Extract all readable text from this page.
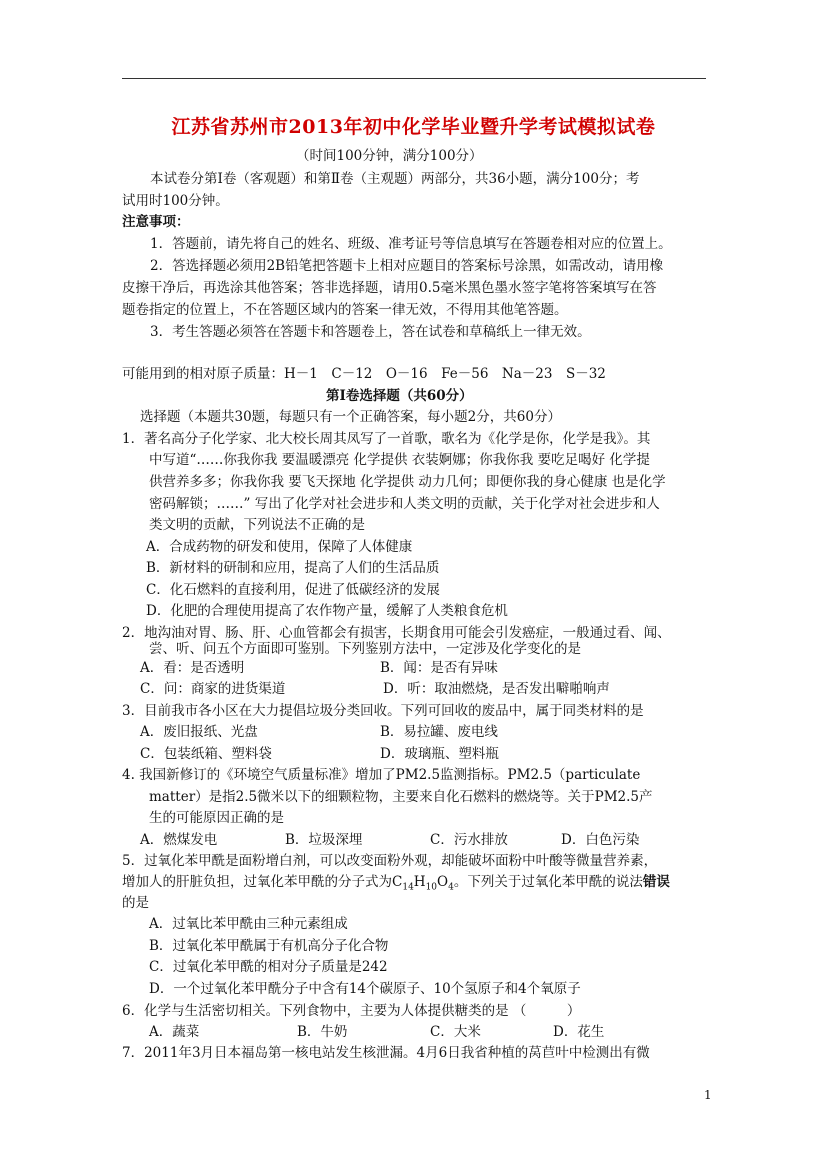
江苏省苏州市2013年初中化学毕业暨升学考试模拟试卷
（时间100分钟，满分100分）
本试卷分第Ⅰ卷（客观题）和第Ⅱ卷（主观题）两部分，共36小题，满分100分；考
试用时100分钟。
注意事项：
1．答题前，请先将自己的姓名、班级、准考证号等信息填写在答题卷相对应的位置上。
2．答选择题必须用2B铅笔把答题卡上相对应题目的答案标号涂黑，如需改动，请用橡
皮擦干净后，再选涂其他答案；答非选择题，请用0.5毫米黑色墨水签字笔将答案填写在答
题卷指定的位置上，不在答题区域内的答案一律无效，不得用其他笔答题。
3．考生答题必须答在答题卡和答题卷上，答在试卷和草稿纸上一律无效。
可能用到的相对原子质量：H－1　C－12　O－16　Fe－56　Na－23　S－32
第Ⅰ卷选择题（共60分）
选择题（本题共30题，每题只有一个正确答案，每小题2分，共60分）
1．著名高分子化学家、北大校长周其凤写了一首歌，歌名为《化学是你，化学是我》。其
中写道“……你我你我 要温暖漂亮 化学提供 衣装婀娜；你我你我 要吃足喝好 化学提
供营养多多；你我你我 要飞天探地 化学提供 动力几何；即便你我的身心健康 也是化学
密码解锁；……” 写出了化学对社会进步和人类文明的贡献，关于化学对社会进步和人
类文明的贡献，下列说法不正确的是
A．合成药物的研发和使用，保障了人体健康
B．新材料的研制和应用，提高了人们的生活品质
C．化石燃料的直接利用，促进了低碳经济的发展
D．化肥的合理使用提高了农作物产量，缓解了人类粮食危机
2．地沟油对胃、肠、肝、心血管都会有损害，长期食用可能会引发癌症，一般通过看、闻、
尝、听、问五个方面即可鉴别。下列鉴别方法中，一定涉及化学变化的是
A．看：是否透明	B．闻：是否有异味
C．问：商家的进货渠道	D．听：取油燃烧，是否发出噼啪响声
3．目前我市各小区在大力提倡垃圾分类回收。下列可回收的废品中，属于同类材料的是
A．废旧报纸、光盘	B．易拉罐、废电线
C．包装纸箱、塑料袋	D．玻璃瓶、塑料瓶
4. 我国新修订的《环境空气质量标准》增加了PM2.5监测指标。PM2.5（particulate
matter）是指2.5微米以下的细颗粒物，主要来自化石燃料的燃烧等。关于PM2.5产
生的可能原因正确的是
A．燃煤发电	B．垃圾深埋	C．污水排放	D．白色污染
5．过氧化苯甲酰是面粉增白剂，可以改变面粉外观，却能破坏面粉中叶酸等微量营养素，
增加人的肝脏负担，过氧化苯甲酰的分子式为$C_{14}H_{10}O_4$。下列关于过氧化苯甲酰的说法错误
的是
A．过氧比苯甲酰由三种元素组成
B．过氧化苯甲酰属于有机高分子化合物
C．过氧化苯甲酰的相对分子质量是242
D．一个过氧化苯甲酰分子中含有14个碳原子、10个氢原子和4个氧原子
6．化学与生活密切相关。下列食物中，主要为人体提供糖类的是 （　　　）
A．蔬菜	B．牛奶	C．大米	D．花生
7．2011年3月日本福岛第一核电站发生核泄漏。4月6日我省种植的莴苣叶中检测出有微
1
